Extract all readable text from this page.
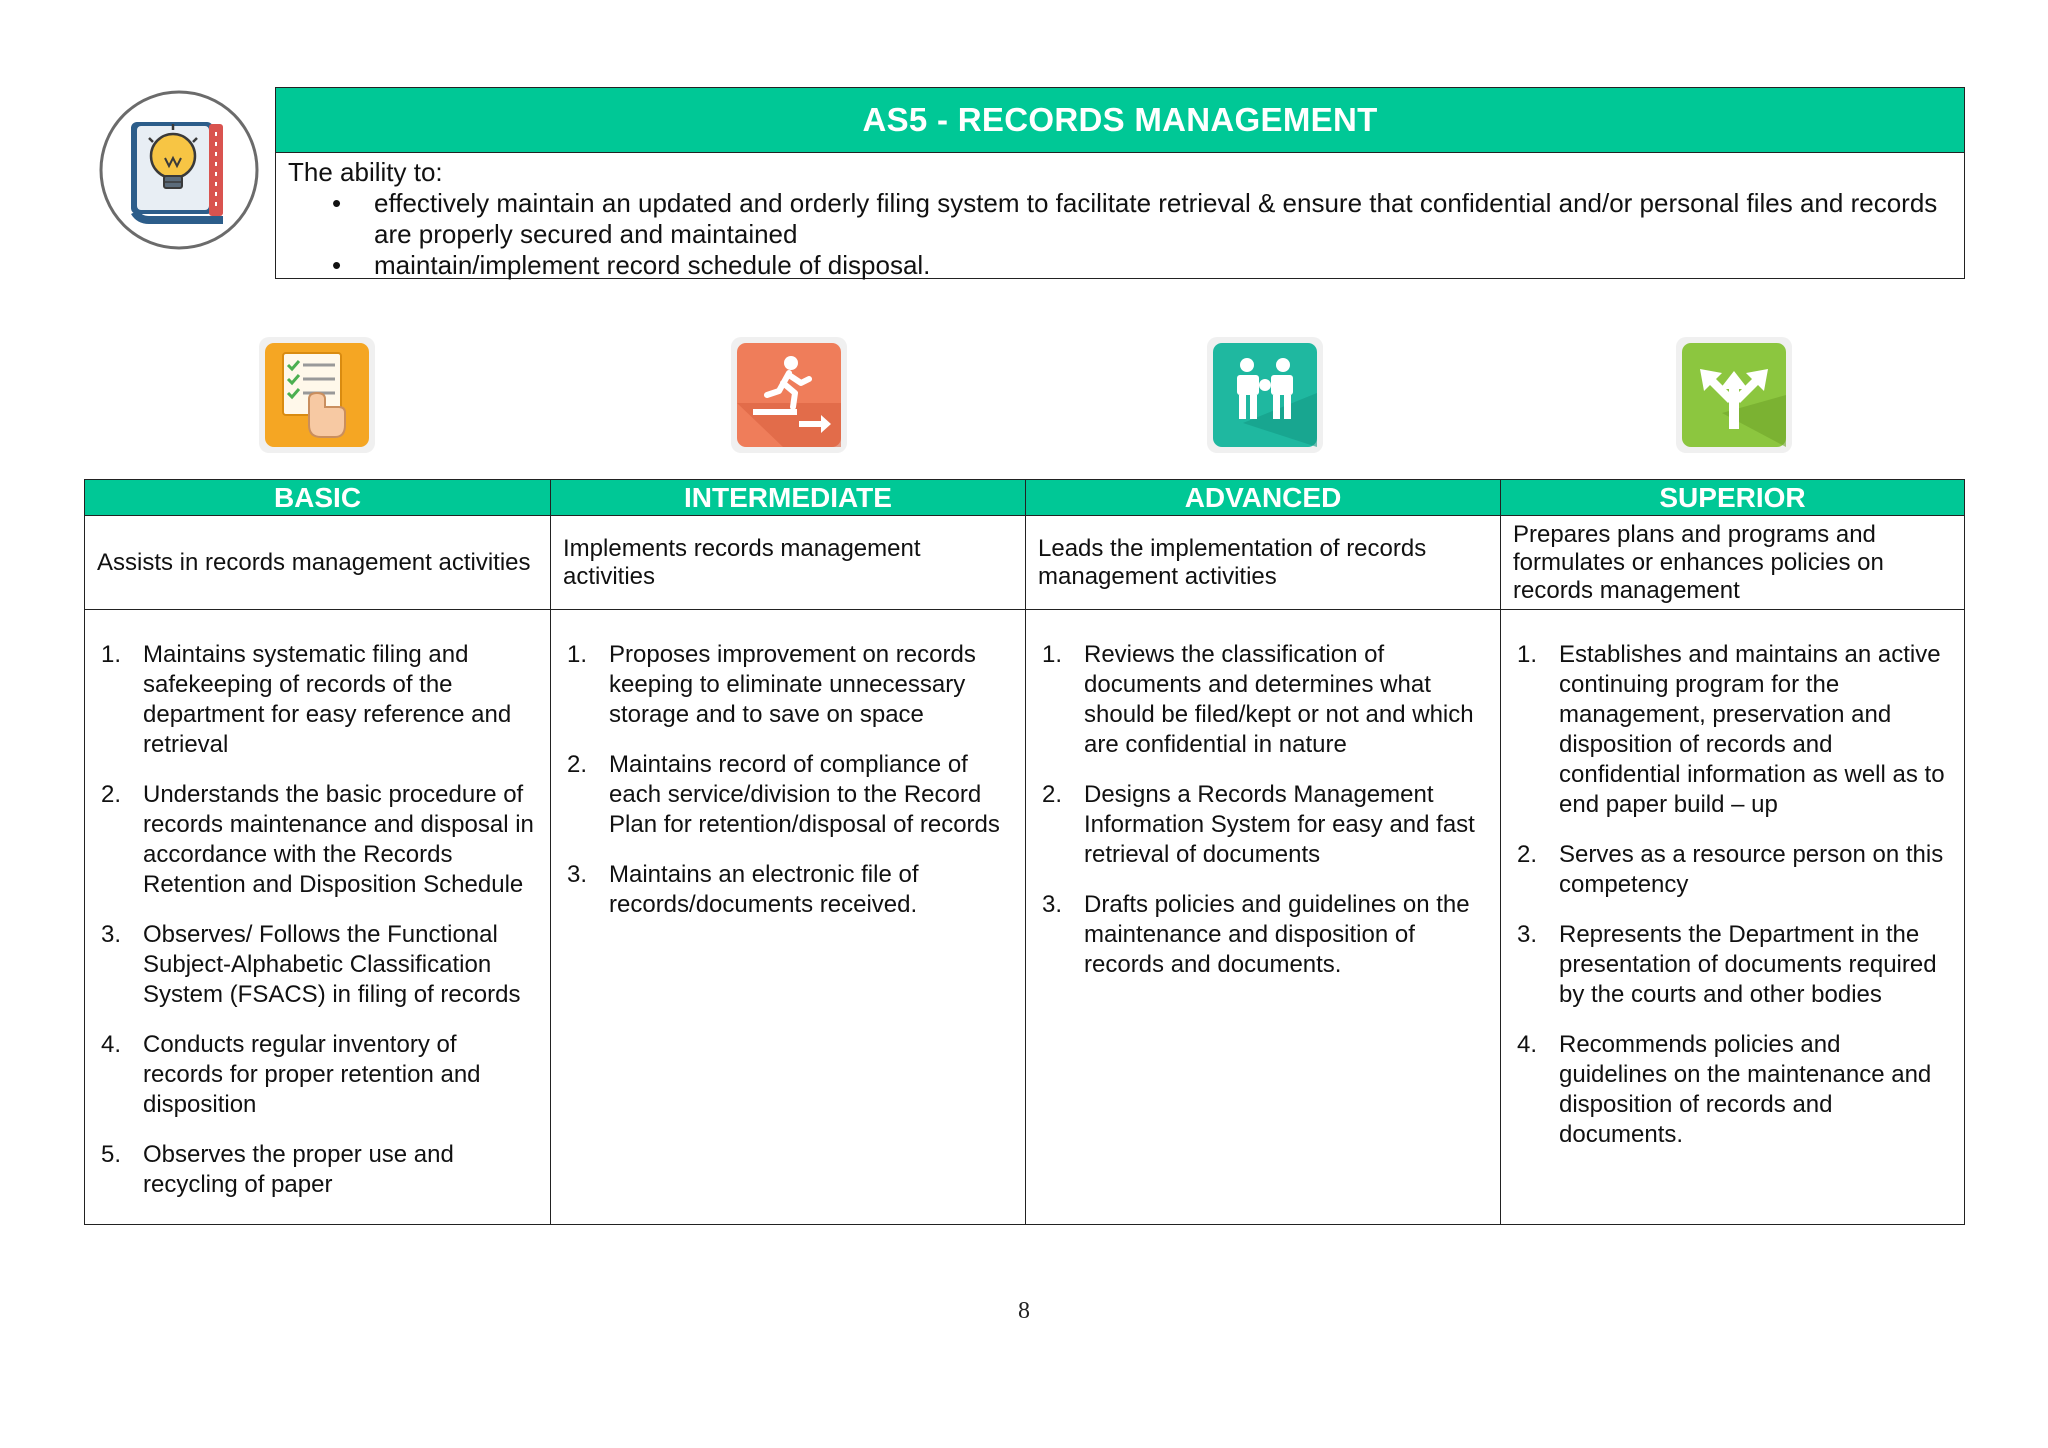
AS5 - RECORDS MANAGEMENT
The ability to:
• effectively maintain an updated and orderly filing system to facilitate retrieval & ensure that confidential and/or personal files and records are properly secured and maintained
• maintain/implement record schedule of disposal.
BASIC
Assists in records management activities
1. Maintains systematic filing and safekeeping of records of the department for easy reference and retrieval
2. Understands the basic procedure of records maintenance and disposal in accordance with the Records Retention and Disposition Schedule
3. Observes/ Follows the Functional Subject-Alphabetic Classification System (FSACS) in filing of records
4. Conducts regular inventory of records for proper retention and disposition
5. Observes the proper use and recycling of paper
INTERMEDIATE
Implements records management activities
1. Proposes improvement on records keeping to eliminate unnecessary storage and to save on space
2. Maintains record of compliance of each service/division to the Record Plan for retention/disposal of records
3. Maintains an electronic file of records/documents received.
ADVANCED
Leads the implementation of records management activities
1. Reviews the classification of documents and determines what should be filed/kept or not and which are confidential in nature
2. Designs a Records Management Information System for easy and fast retrieval of documents
3. Drafts policies and guidelines on the maintenance and disposition of records and documents.
SUPERIOR
Prepares plans and programs and formulates or enhances policies on records management
1. Establishes and maintains an active continuing program for the management, preservation and disposition of records and confidential information as well as to end paper build – up
2. Serves as a resource person on this competency
3. Represents the Department in the presentation of documents required by the courts and other bodies
4. Recommends policies and guidelines on the maintenance and disposition of records and documents.
8
